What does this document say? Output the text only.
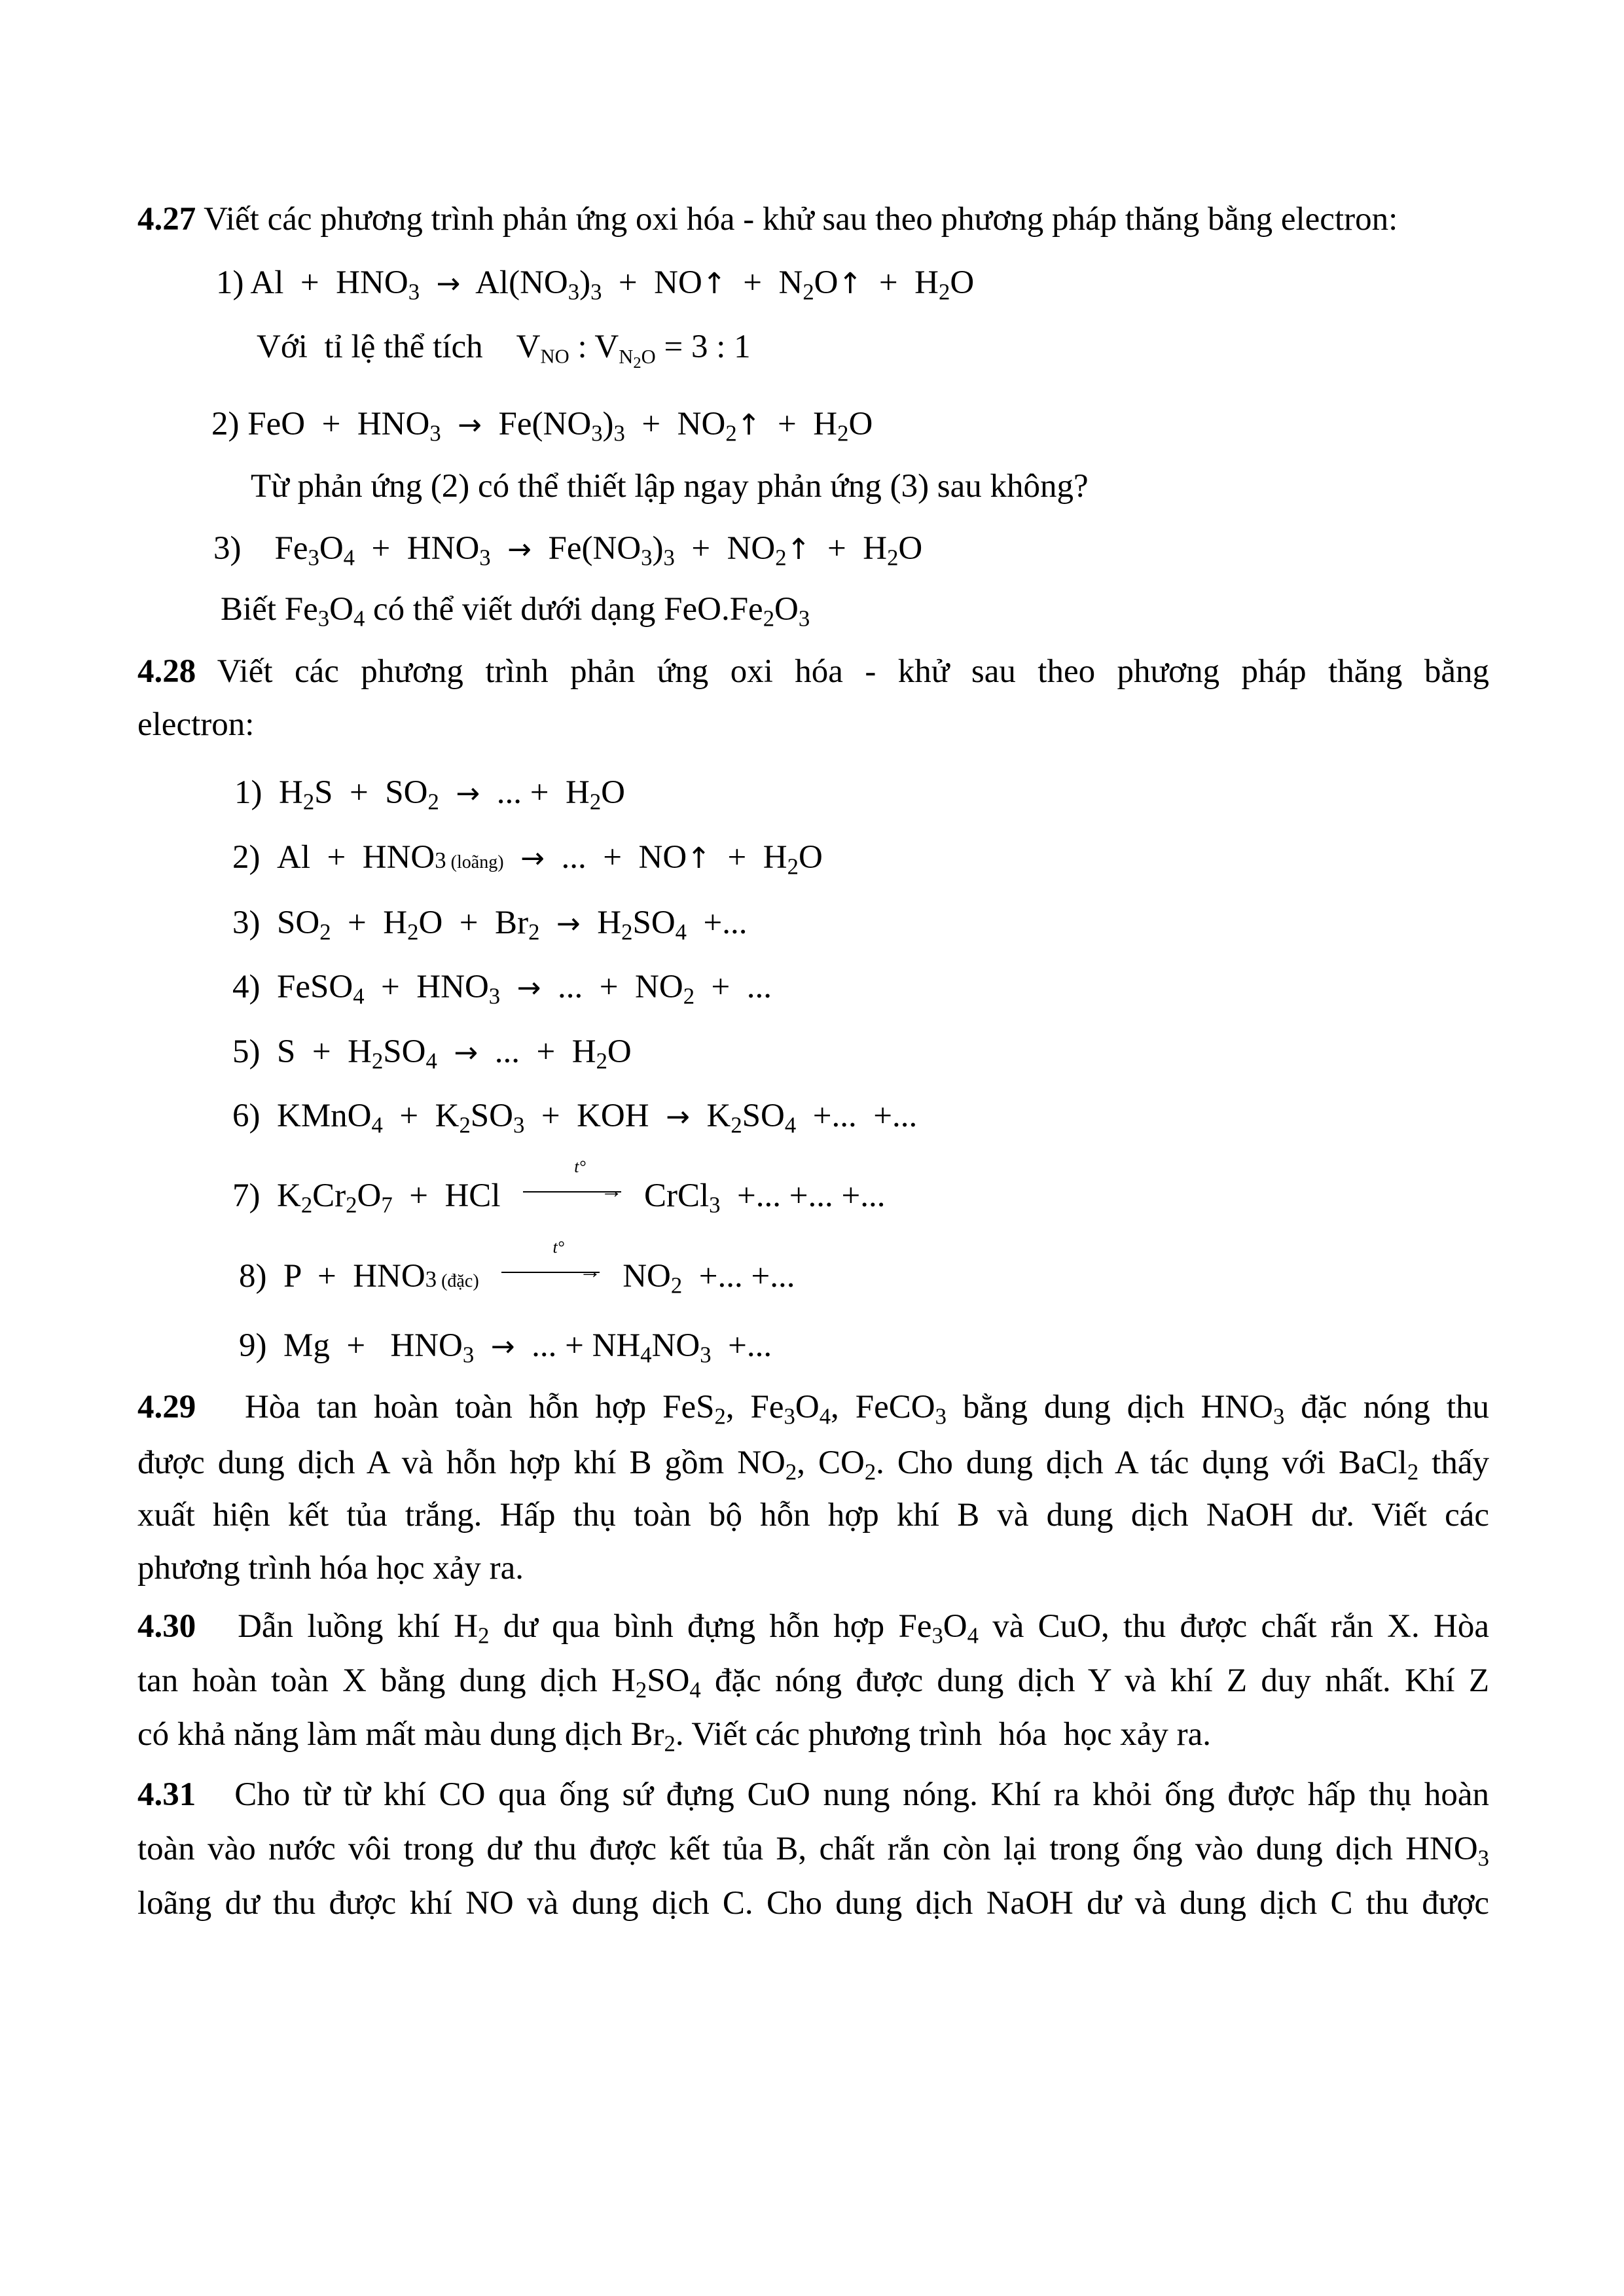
4.27 Viết các phương trình phản ứng oxi hóa - khử sau theo phương pháp thăng bằng electron:
1) $Al + HNO_3 \to Al(NO_3)_3$  +  NO↑  +  $N_2O↑ + H_2O$
Với  tỉ lệ thể tích    $V_{NO}$ : $V_{N_2O} = 3$ : 1
2) FeO  +  $HNO_3 \to Fe(NO_3)_3$  +  $NO_2↑ + H_2O$
Từ phản ứng (2) có thể thiết lập ngay phản ứng (3) sau không?
3)    $Fe_3O_4 + HNO_3 \to Fe(NO_3)_3$  +  $NO_2↑ + H_2O$
Biết $Fe_3O_4$ có thể viết dưới dạng $FeO.Fe_2O_3$
4.28 Viết các phương trình phản ứng oxi hóa - khử sau theo phương pháp thăng bằng
electron:
1)  $H_2S + SO_2$ →  ... +  $H_2O$
2)  Al  +  HNO3 (loãng) →  ...  +  NO↑  +  $H_2O$
3)  $SO_2 + H_2O + Br_2 \to H_2SO_4$  +...
4)  FeSO$_4$  +  $HNO_3$ →  ...  +  $NO_2$  +  ...
5)  $S + H_2SO_4$ →  ...  +  $H_2O$
6)  KMnO$_4$  +  $K_2SO_3$  +  KOH  →  $K_2SO_4$  +...  +...
7)  $K_2Cr_2O_7$  +  HCl	→
t°
CrCl$_3$  +... +... +...
8)  P  +  HNO3 (đặc)	→
t°
$NO_2$  +... +...
9)  $Mg + HNO_3$ →  ... + $NH_4NO_3$  +...
4.29   Hòa tan hoàn toàn hỗn hợp FeS$_2$, $Fe_3O_4$, FeCO$_3$ bằng dung dịch $HNO_3$ đặc nóng thu
được dung dịch A và hỗn hợp khí B gồm $NO_2$, $CO_2$. Cho dung dịch A tác dụng với BaCl$_2$ thấy
xuất hiện kết tủa trắng. Hấp thụ toàn bộ hỗn hợp khí B và dung dịch NaOH dư. Viết các
phương trình hóa học xảy ra.
4.30   Dẫn luồng khí $H_2$ dư qua bình đựng hỗn hợp $Fe_3O_4$ và CuO, thu được chất rắn X. Hòa
tan hoàn toàn X bằng dung dịch $H_2SO_4$ đặc nóng được dung dịch Y và khí Z duy nhất. Khí Z
có khả năng làm mất màu dung dịch $Br_2$. Viết các phương trình  hóa  học xảy ra.
4.31   Cho từ từ khí CO qua ống sứ đựng CuO nung nóng. Khí ra khỏi ống được hấp thụ hoàn
toàn vào nước vôi trong dư thu được kết tủa B, chất rắn còn lại trong ống vào dung dịch $HNO_3$
loãng dư thu được khí NO và dung dịch C. Cho dung dịch NaOH dư và dung dịch C thu được
